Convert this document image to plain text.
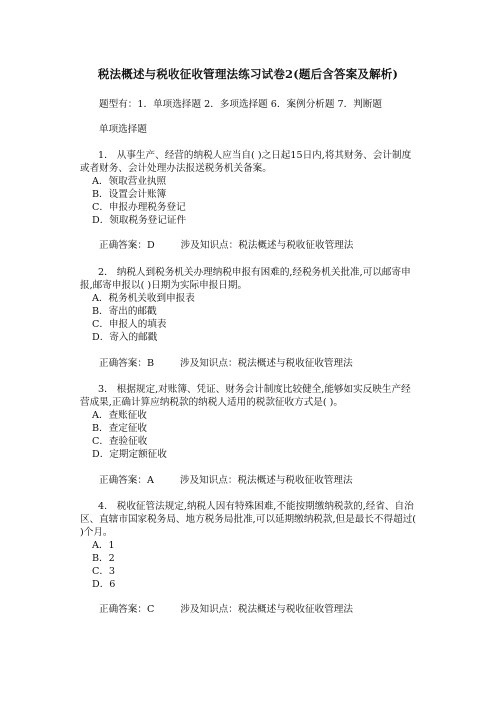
税法概述与税收征收管理法练习试卷2(题后含答案及解析)
题型有：1．单项选择题 2．多项选择题 6．案例分析题 7．判断题
单项选择题
1． 从事生产、经营的纳税人应当自( )之日起15日内,将其财务、会计制度或者财务、会计处理办法报送税务机关备案。
A．领取营业执照
B．设置会计账簿
C．申报办理税务登记
D．领取税务登记证件
正确答案：D	涉及知识点：税法概述与税收征收管理法
2． 纳税人到税务机关办理纳税申报有困难的,经税务机关批准,可以邮寄申报,邮寄申报以( )日期为实际申报日期。
A．税务机关收到申报表
B．寄出的邮戳
C．申报人的填表
D．寄入的邮戳
正确答案：B	涉及知识点：税法概述与税收征收管理法
3． 根据规定,对账簿、凭证、财务会计制度比较健全,能够如实反映生产经营成果,正确计算应纳税款的纳税人适用的税款征收方式是( )。
A．查账征收
B．查定征收
C．查验征收
D．定期定额征收
正确答案：A	涉及知识点：税法概述与税收征收管理法
4． 税收征管法规定,纳税人因有特殊困难,不能按期缴纳税款的,经省、自治区、直辖市国家税务局、地方税务局批准,可以延期缴纳税款,但是最长不得超过( )个月。
A．1
B．2
C．3
D．6
正确答案：C	涉及知识点：税法概述与税收征收管理法
